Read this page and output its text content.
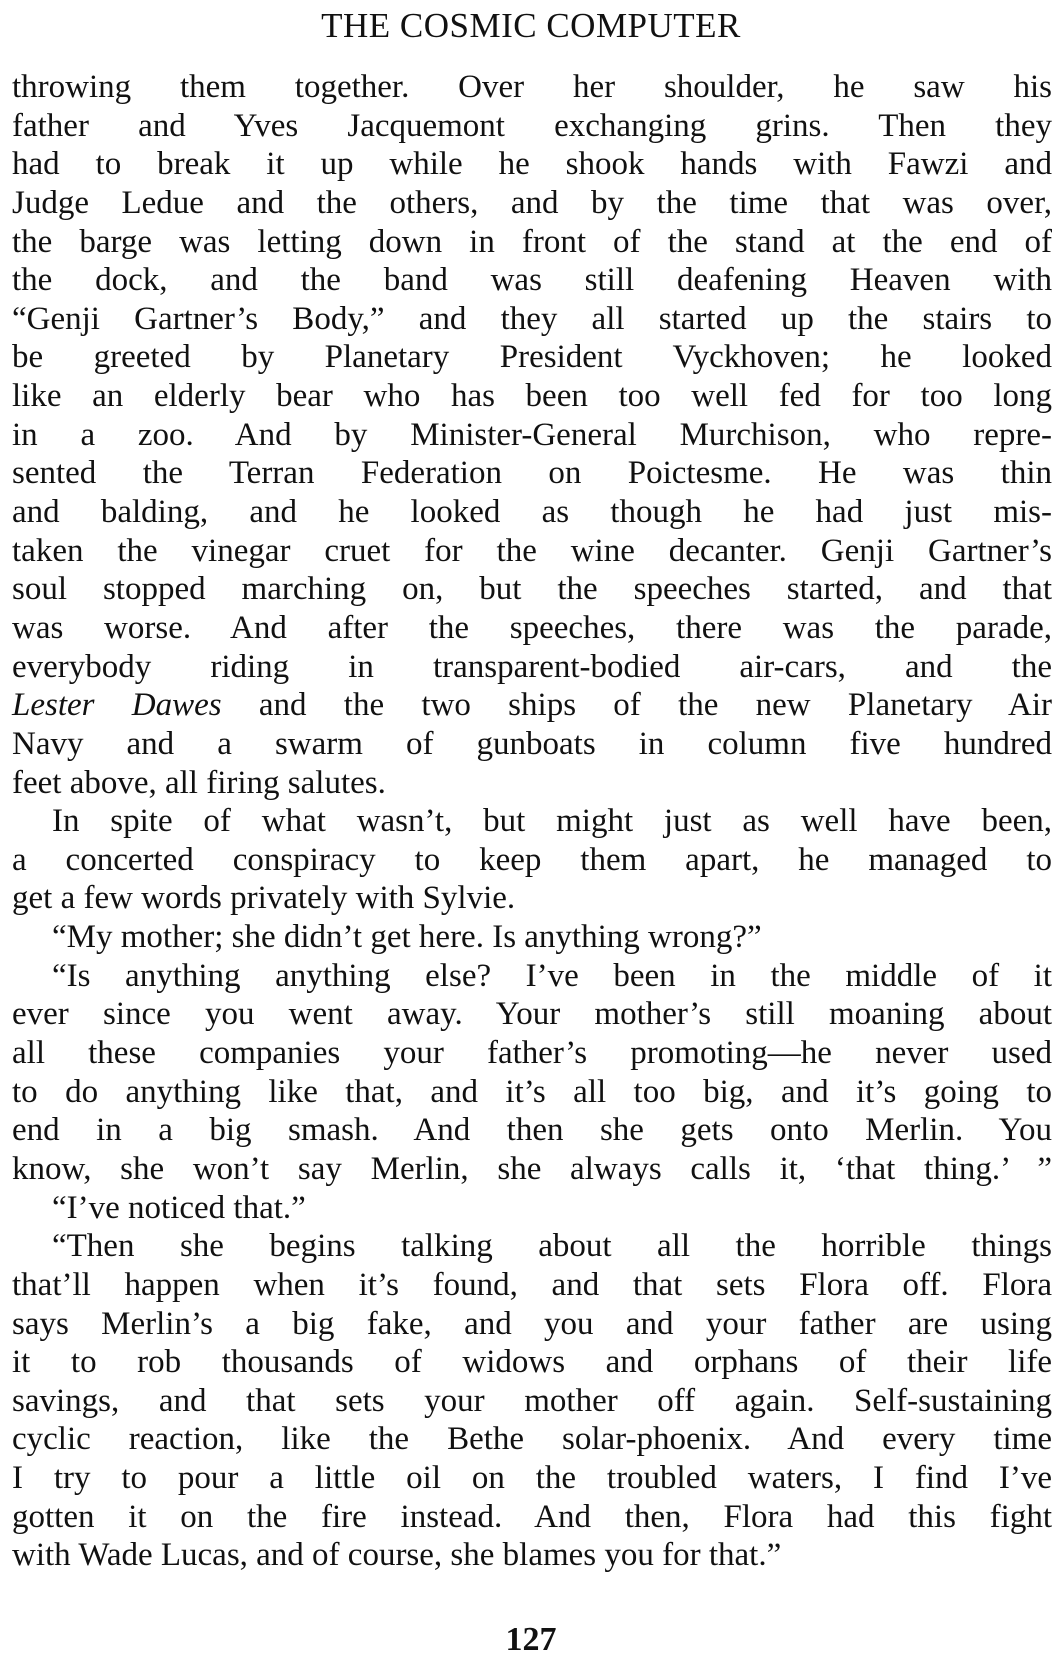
THE COSMIC COMPUTER
throwing them together. Over her shoulder, he saw his
father and Yves Jacquemont exchanging grins. Then they
had to break it up while he shook hands with Fawzi and
Judge Ledue and the others, and by the time that was over,
the barge was letting down in front of the stand at the end of
the dock, and the band was still deafening Heaven with
“Genji Gartner’s Body,” and they all started up the stairs to
be greeted by Planetary President Vyckhoven; he looked
like an elderly bear who has been too well fed for too long
in a zoo. And by Minister-General Murchison, who repre-
sented the Terran Federation on Poictesme. He was thin
and balding, and he looked as though he had just mis-
taken the vinegar cruet for the wine decanter. Genji Gartner’s
soul stopped marching on, but the speeches started, and that
was worse. And after the speeches, there was the parade,
everybody riding in transparent-bodied air-cars, and the
Lester Dawes and the two ships of the new Planetary Air
Navy and a swarm of gunboats in column five hundred
feet above, all firing salutes.
In spite of what wasn’t, but might just as well have been,
a concerted conspiracy to keep them apart, he managed to
get a few words privately with Sylvie.
“My mother; she didn’t get here. Is anything wrong?”
“Is anything anything else? I’ve been in the middle of it
ever since you went away. Your mother’s still moaning about
all these companies your father’s promoting—he never used
to do anything like that, and it’s all too big, and it’s going to
end in a big smash. And then she gets onto Merlin. You
know, she won’t say Merlin, she always calls it, ‘that thing.’ ”
“I’ve noticed that.”
“Then she begins talking about all the horrible things
that’ll happen when it’s found, and that sets Flora off. Flora
says Merlin’s a big fake, and you and your father are using
it to rob thousands of widows and orphans of their life
savings, and that sets your mother off again. Self-sustaining
cyclic reaction, like the Bethe solar-phoenix. And every time
I try to pour a little oil on the troubled waters, I find I’ve
gotten it on the fire instead. And then, Flora had this fight
with Wade Lucas, and of course, she blames you for that.”
127
